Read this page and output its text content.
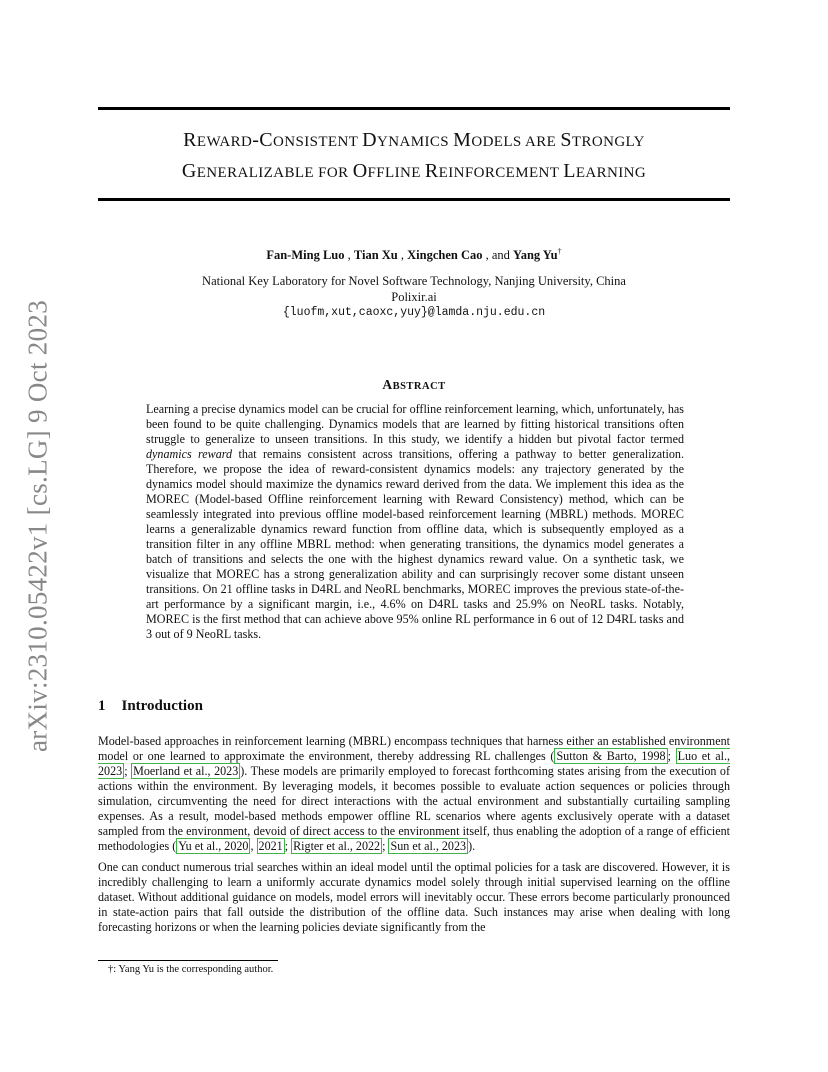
arXiv:2310.05422v1 [cs.LG] 9 Oct 2023
REWARD-CONSISTENT DYNAMICS MODELS ARE STRONGLY
GENERALIZABLE FOR OFFLINE REINFORCEMENT LEARNING
Fan-Ming Luo , Tian Xu , Xingchen Cao , and Yang Yu†
National Key Laboratory for Novel Software Technology, Nanjing University, China
Polixir.ai
{luofm,xut,caoxc,yuy}@lamda.nju.edu.cn
ABSTRACT
Learning a precise dynamics model can be crucial for offline reinforcement learning, which, unfortunately, has been found to be quite challenging. Dynamics models that are learned by fitting historical transitions often struggle to generalize to unseen transitions. In this study, we identify a hidden but pivotal factor termed dynamics reward that remains consistent across transitions, offering a pathway to better generalization. Therefore, we propose the idea of reward-consistent dynamics models: any trajectory generated by the dynamics model should maximize the dynamics reward derived from the data. We implement this idea as the MOREC (Model-based Offline reinforcement learning with Reward Consistency) method, which can be seamlessly integrated into previous offline model-based reinforcement learning (MBRL) methods. MOREC learns a generalizable dynamics reward function from offline data, which is subsequently employed as a transition filter in any offline MBRL method: when generating transitions, the dynamics model generates a batch of transitions and selects the one with the highest dynamics reward value. On a synthetic task, we visualize that MOREC has a strong generalization ability and can surprisingly recover some distant unseen transitions. On 21 offline tasks in D4RL and NeoRL benchmarks, MOREC improves the previous state-of-the-art performance by a significant margin, i.e., 4.6% on D4RL tasks and 25.9% on NeoRL tasks. Notably, MOREC is the first method that can achieve above 95% online RL performance in 6 out of 12 D4RL tasks and 3 out of 9 NeoRL tasks.
1 Introduction

Model-based approaches in reinforcement learning (MBRL) encompass techniques that harness either an established environment model or one learned to approximate the environment, thereby addressing RL challenges ( Sutton & Barto, 1998 ; Luo et al., 2023 ; Moerland et al., 2023 ). These models are primarily employed to forecast forthcoming states arising from the execution of actions within the environment. By leveraging models, it becomes possible to evaluate action sequences or policies through simulation, circumventing the need for direct interactions with the actual environment and substantially curtailing sampling expenses. As a result, model-based methods empower offline RL scenarios where agents exclusively operate with a dataset sampled from the environment, devoid of direct access to the environment itself, thus enabling the adoption of a range of efficient methodologies ( Yu et al., 2020 , 2021 ; Rigter et al., 2022 ; Sun et al., 2023 ).

One can conduct numerous trial searches within an ideal model until the optimal policies for a task are discovered. However, it is incredibly challenging to learn a uniformly accurate dynamics model solely through initial supervised learning on the offline dataset. Without additional guidance on models, model errors will inevitably occur. These errors become particularly pronounced in state-action pairs that fall outside the distribution of the offline data. Such instances may arise when dealing with long forecasting horizons or when the learning policies deviate significantly from the

†: Yang Yu is the corresponding author.
